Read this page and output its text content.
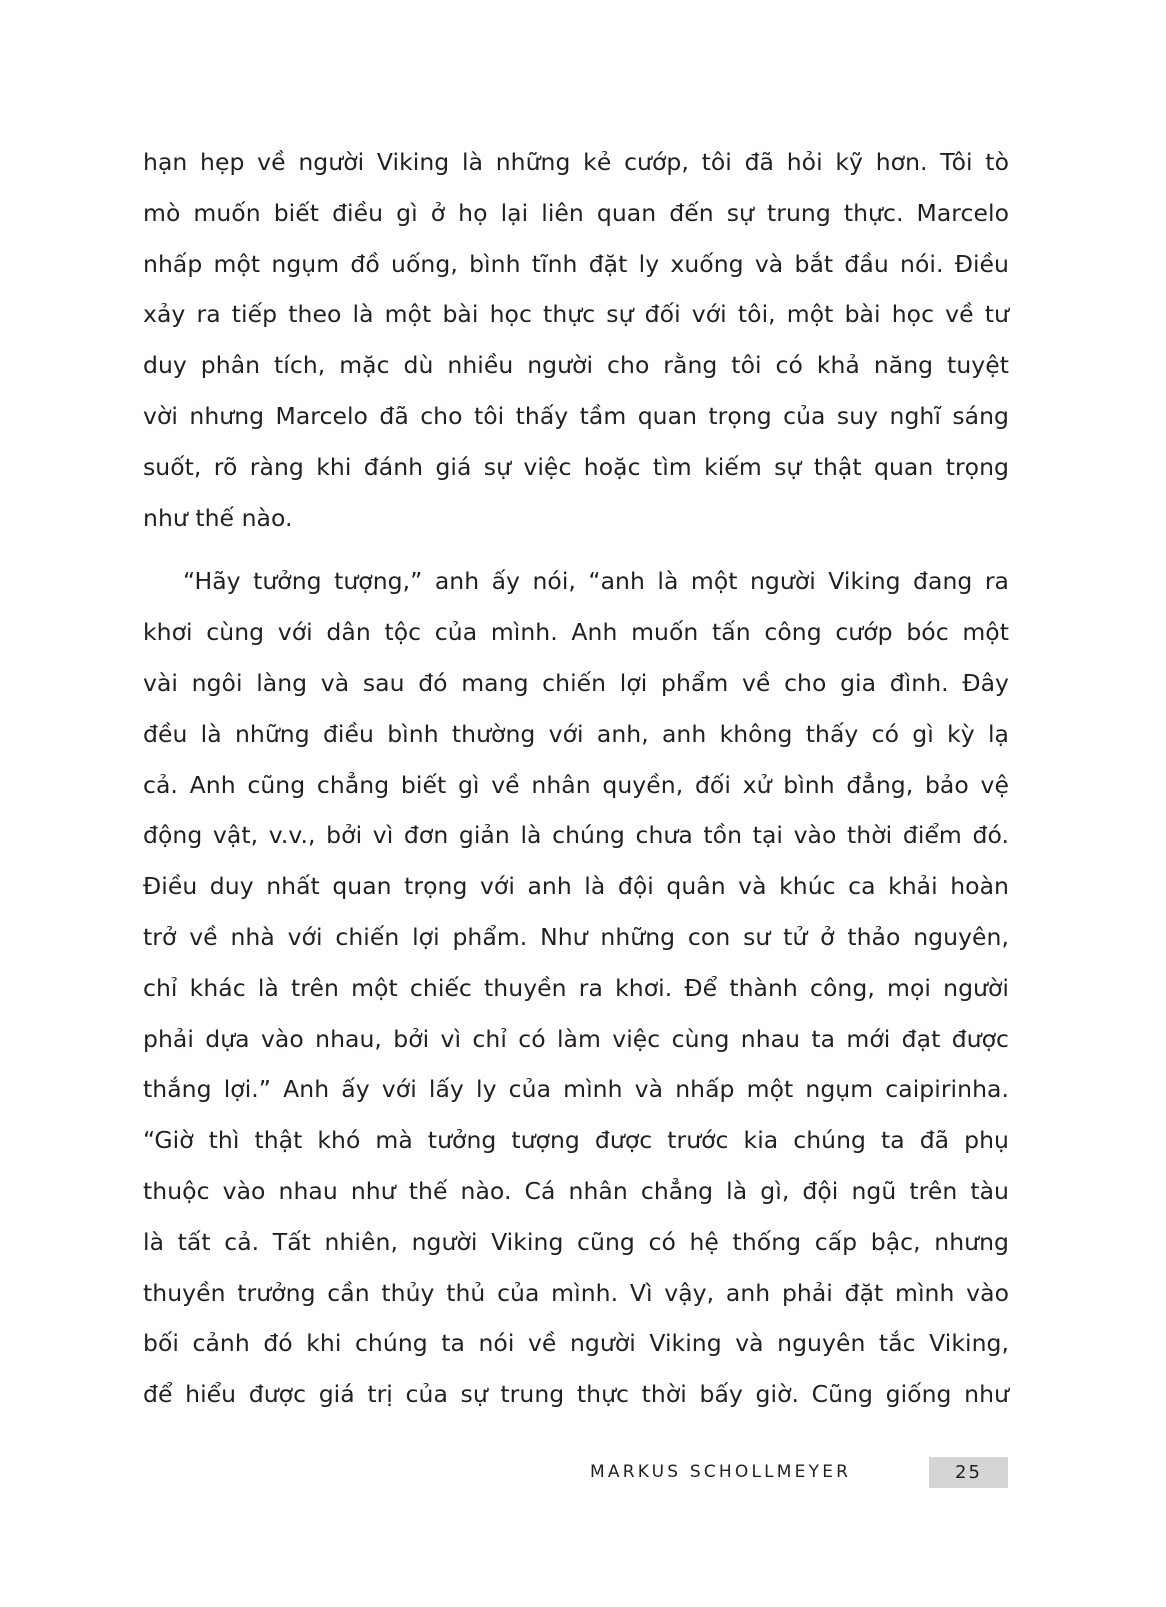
hạn hẹp về người Viking là những kẻ cướp, tôi đã hỏi kỹ hơn. Tôi tò
mò muốn biết điều gì ở họ lại liên quan đến sự trung thực. Marcelo
nhấp một ngụm đồ uống, bình tĩnh đặt ly xuống và bắt đầu nói. Điều
xảy ra tiếp theo là một bài học thực sự đối với tôi, một bài học về tư
duy phân tích, mặc dù nhiều người cho rằng tôi có khả năng tuyệt
vời nhưng Marcelo đã cho tôi thấy tầm quan trọng của suy nghĩ sáng
suốt, rõ ràng khi đánh giá sự việc hoặc tìm kiếm sự thật quan trọng
như thế nào.

“Hãy tưởng tượng,” anh ấy nói, “anh là một người Viking đang ra
khơi cùng với dân tộc của mình. Anh muốn tấn công cướp bóc một
vài ngôi làng và sau đó mang chiến lợi phẩm về cho gia đình. Đây
đều là những điều bình thường với anh, anh không thấy có gì kỳ lạ
cả. Anh cũng chẳng biết gì về nhân quyền, đối xử bình đẳng, bảo vệ
động vật, v.v., bởi vì đơn giản là chúng chưa tồn tại vào thời điểm đó.
Điều duy nhất quan trọng với anh là đội quân và khúc ca khải hoàn
trở về nhà với chiến lợi phẩm. Như những con sư tử ở thảo nguyên,
chỉ khác là trên một chiếc thuyền ra khơi. Để thành công, mọi người
phải dựa vào nhau, bởi vì chỉ có làm việc cùng nhau ta mới đạt được
thắng lợi.” Anh ấy với lấy ly của mình và nhấp một ngụm caipirinha.
“Giờ thì thật khó mà tưởng tượng được trước kia chúng ta đã phụ
thuộc vào nhau như thế nào. Cá nhân chẳng là gì, đội ngũ trên tàu
là tất cả. Tất nhiên, người Viking cũng có hệ thống cấp bậc, nhưng
thuyền trưởng cần thủy thủ của mình. Vì vậy, anh phải đặt mình vào
bối cảnh đó khi chúng ta nói về người Viking và nguyên tắc Viking,
để hiểu được giá trị của sự trung thực thời bấy giờ. Cũng giống như

MARKUS SCHOLLMEYER	25
